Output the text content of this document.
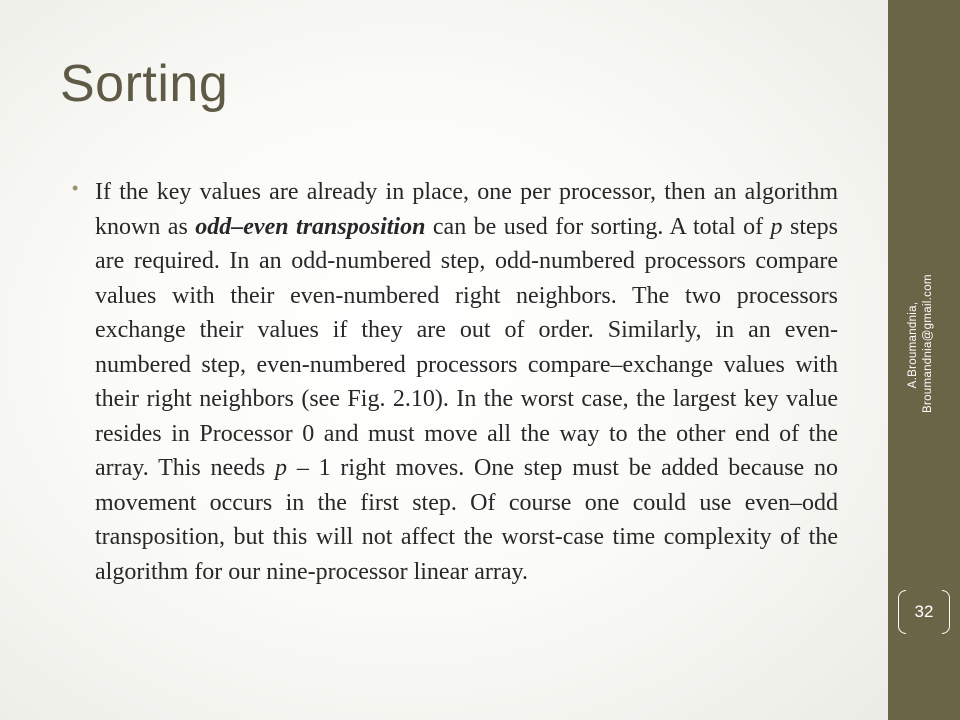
Sorting
• If the key values are already in place, one per processor, then an algorithm known as odd–even transposition can be used for sorting. A total of p steps are required. In an odd-numbered step, odd-numbered processors compare values with their even-numbered right neighbors. The two processors exchange their values if they are out of order. Similarly, in an even-numbered step, even-numbered processors compare–exchange values with their right neighbors (see Fig. 2.10). In the worst case, the largest key value resides in Processor 0 and must move all the way to the other end of the array. This needs p – 1 right moves. One step must be added because no movement occurs in the first step. Of course one could use even–odd transposition, but this will not affect the worst-case time complexity of the algorithm for our nine-processor linear array.

A.Broumandnia, Broumandnia@gmail.com
32
